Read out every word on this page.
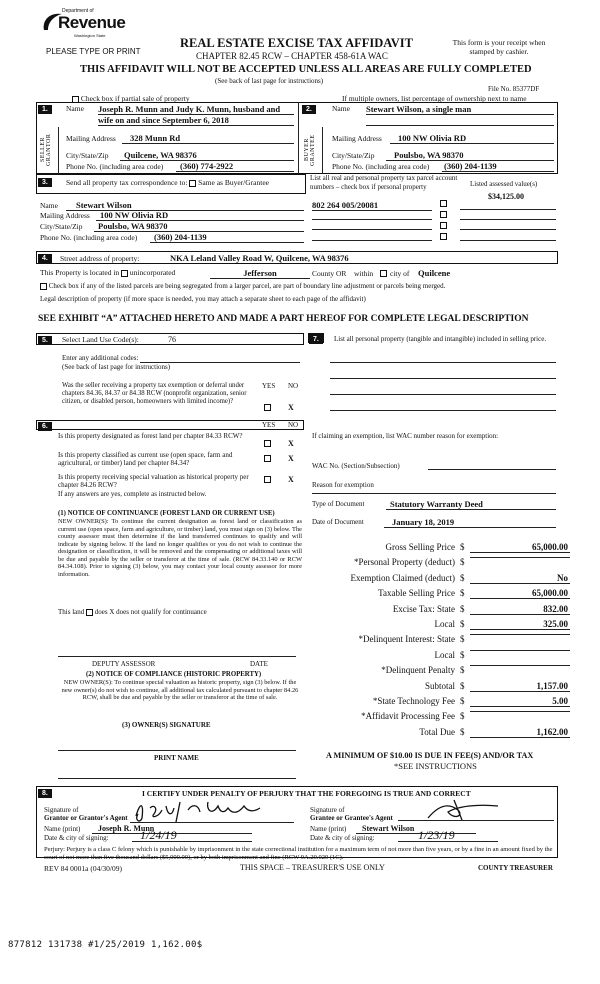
Department of
Revenue
Washington State
PLEASE TYPE OR PRINT
REAL ESTATE EXCISE TAX AFFIDAVIT
CHAPTER 82.45 RCW – CHAPTER 458-61A WAC
This form is your receipt when stamped by cashier.
THIS AFFIDAVIT WILL NOT BE ACCEPTED UNLESS ALL AREAS ARE FULLY COMPLETED
(See back of last page for instructions)
File No. 85377DF
Check box if partial sale of property	If multiple owners, list percentage of ownership next to name
1.	Name Joseph R. Munn and Judy K. Munn, husband and
wife on and since September 6, 2018
SELLER GRANTOR	Mailing Address	328 Munn Rd
City/State/Zip	Quilcene, WA 98376
Phone No. (including area code)	(360) 774-2922
2.	Name Stewart Wilson, a single man
BUYER GRANTEE	Mailing Address	100 NW Olivia RD
City/State/Zip	Poulsbo, WA 98370
Phone No. (including area code) (360) 204-1139
3.	Send all property tax correspondence to: Same as Buyer/Grantee
Name	Stewart Wilson
Mailing Address	100 NW Olivia RD
City/State/Zip	Poulsbo, WA 98370
Phone No. (including area code)	(360) 204-1139
List all real and personal property tax parcel account numbers – check box if personal property	Listed assessed value(s)
$34,125.00
802 264 005/20081
4.	Street address of property:	NKA Leland Valley Road W, Quilcene, WA 98376
This Property is located in unincorporated	Jefferson	County OR within city of Quilcene
Check box if any of the listed parcels are being segregated from a larger parcel, are part of boundary line adjustment or parcels being merged.
Legal description of property (if more space is needed, you may attach a separate sheet to each page of the affidavit)
SEE EXHIBIT “A” ATTACHED HERETO AND MADE A PART HEREOF FOR COMPLETE LEGAL DESCRIPTION
5.	Select Land Use Code(s):	76
Enter any additional codes:
(See back of last page for instructions)
YES NO
Was the seller receiving a property tax exemption or deferral under chapters 84.36, 84.37 or 84.38 RCW (nonprofit organization, senior citizen, or disabled person, homeowners with limited income)?
X
6.	YES NO
Is this property designated as forest land per chapter 84.33 RCW?
X
Is this property classified as current use (open space, farm and agricultural, or timber) land per chapter 84.34?	X
Is this property receiving special valuation as historical property per chapter 84.26 RCW?
X
If any answers are yes, complete as instructed below.
(1) NOTICE OF CONTINUANCE (FOREST LAND OR CURRENT USE)
NEW OWNER(S): To continue the current designation as forest land or classification as current use (open space, farm and agriculture, or timber) land, you must sign on (3) below. The county assessor must then determine if the land transferred continues to qualify and will indicate by signing below. If the land no longer qualifies or you do not wish to continue the designation or classification, it will be removed and the compensating or additional taxes will be due and payable by the seller or transferor at the time of sale. (RCW 84.33.140 or RCW 84.34.108). Prior to signing (3) below, you may contact your local county assessor for more information.
This land does X does not qualify for continuance
DEPUTY ASSESSOR	DATE
(2) NOTICE OF COMPLIANCE (HISTORIC PROPERTY)
NEW OWNER(S): To continue special valuation as historic property, sign (3) below. If the new owner(s) do not wish to continue, all additional tax calculated pursuant to chapter 84.26 RCW, shall be due and payable by the seller or transferor at the time of sale.
(3) OWNER(S) SIGNATURE
PRINT NAME
7.	List all personal property (tangible and intangible) included in selling price.
If claiming an exemption, list WAC number reason for exemption:
WAC No. (Section/Subsection)
Reason for exemption
Type of Document	Statutory Warranty Deed
Date of Document	January 18, 2019
Gross Selling Price $	65,000.00
*Personal Property (deduct) $
Exemption Claimed (deduct) $	No
Taxable Selling Price $	65,000.00
Excise Tax: State $	832.00
Local $	325.00
*Delinquent Interest: State $
Local $
*Delinquent Penalty $
Subtotal $	1,157.00
*State Technology Fee $	5.00
*Affidavit Processing Fee $
Total Due $	1,162.00
A MINIMUM OF $10.00 IS DUE IN FEE(S) AND/OR TAX
*SEE INSTRUCTIONS
8.	I CERTIFY UNDER PENALTY OF PERJURY THAT THE FOREGOING IS TRUE AND CORRECT
Signature of
Grantor or Grantor's Agent
Name (print)	Joseph R. Munn
Date & city of signing:	1/24/19
Signature of
Grantee or Grantee's Agent
Name (print)	Stewart Wilson
Date & city of signing:	1/23/19
Perjury: Perjury is a class C felony which is punishable by imprisonment in the state correctional institution for a maximum term of not more than five years, or by a fine in an amount fixed by the court of not more than five thousand dollars ($5,000.00), or by both imprisonment and fine (RCW 9A.20.020 (1C).
REV 84 0001a (04/30/09)	THIS SPACE – TREASURER'S USE ONLY	COUNTY TREASURER
877812 131738 #1/25/2019 1,162.00$
